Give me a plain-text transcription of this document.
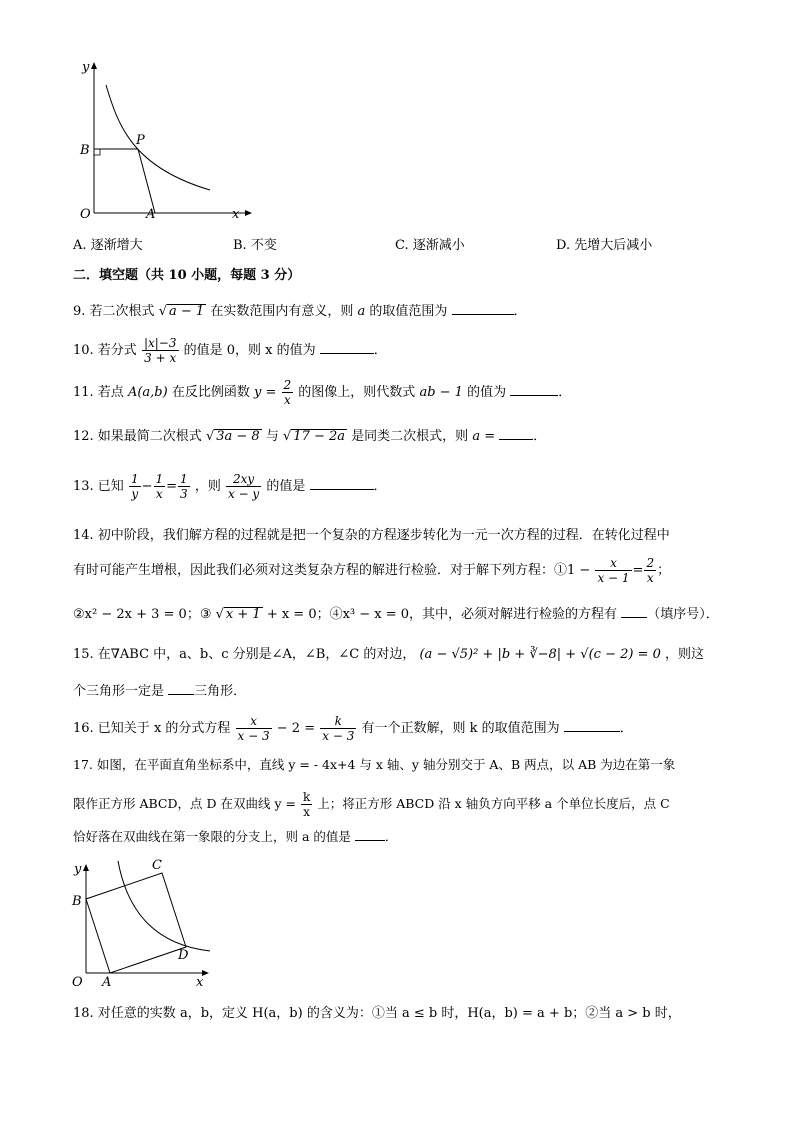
y
B
P
O	A	x
A. 逐渐增大	B. 不变	C. 逐渐减小	D. 先增大后减小
二．填空题（共 10 小题，每题 3 分）
9. 若二次根式 √ a − 1 在实数范围内有意义，则 a 的取值范围为	．
10. 若分式 $\frac{|x|-3}{3 + x}$ 的值是 0，则 x 的值为	．
11. 若点 A(a,b) 在反比例函数 $y = \frac{2}{x}$ 的图像上，则代数式 ab − 1 的值为	．
12. 如果最简二次根式 √ 3a − 8 与 √ 17 − 2a 是同类二次根式，则 a =	．
13. 已知 $\frac{1}{y} - \frac{1}{x} = \frac{1}{3}$ ，则 $\frac{2xy}{x - y}$ 的值是	．
14. 初中阶段，我们解方程的过程就是把一个复杂的方程逐步转化为一元一次方程的过程．在转化过程中
有时可能产生增根，因此我们必须对这类复杂方程的解进行检验．对于解下列方程：①1 − $\frac{x}{x - 1} = \frac{2}{x}$ ；
②x² − 2x + 3 = 0；③ √ x + 1 + x = 0；④x³ − x = 0，其中，必须对解进行检验的方程有 （填序号）．
15. 在∇ABC 中，a、b、c 分别是∠A，∠B，∠C 的对边， (a − √5)² + |b + ∛−8| + √(c − 2) = 0 ，则这
个三角形一定是 三角形．
16. 已知关于 x 的分式方程 $\frac{x}{x - 3} - 2 = \frac{k}{x - 3}$ 有一个正数解，则 k 的取值范围为	．
17. 如图，在平面直角坐标系中，直线 y = - 4x+4 与 x 轴、y 轴分别交于 A、B 两点，以 AB 为边在第一象
限作正方形 ABCD，点 D 在双曲线 $y = \frac{k}{x}$ 上；将正方形 ABCD 沿 x 轴负方向平移 a 个单位长度后，点 C
恰好落在双曲线在第一象限的分支上，则 a 的值是	．
y	C
B
D
O A	x
18. 对任意的实数 a，b，定义 H(a，b) 的含义为：①当 a ≤ b 时，H(a，b) = a + b；②当 a > b 时，
